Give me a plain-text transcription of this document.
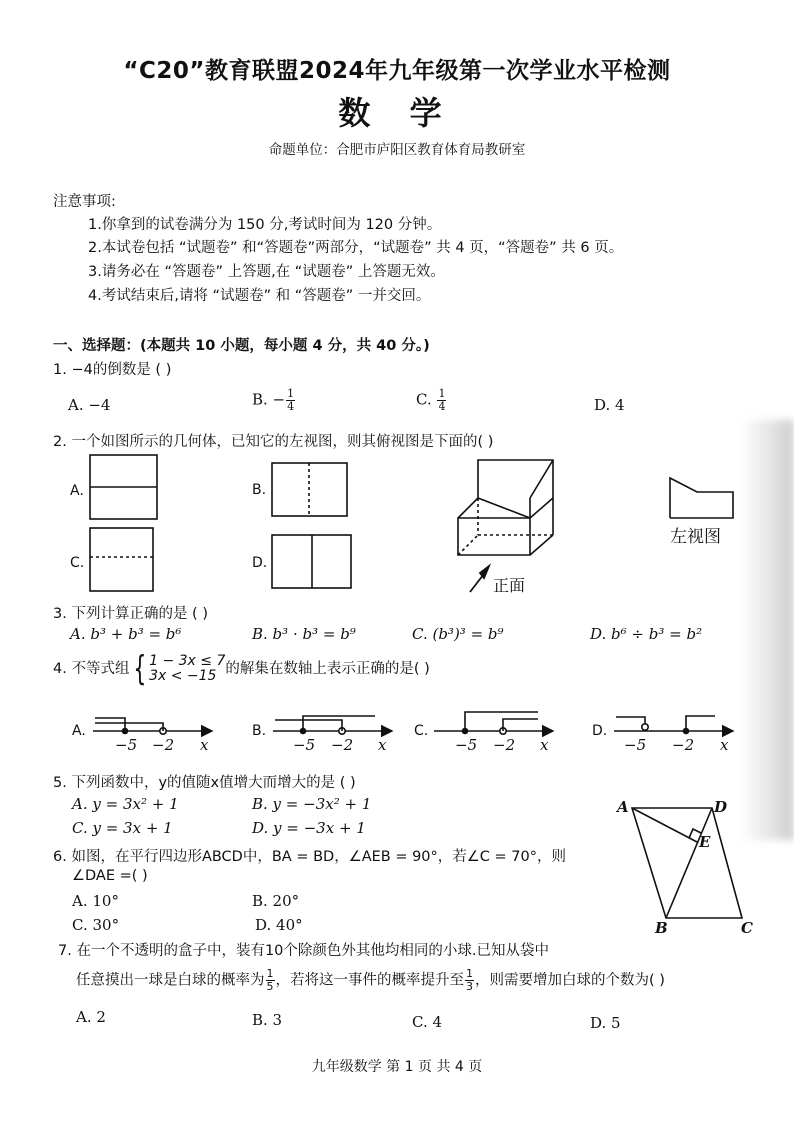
“C20”教育联盟2024年九年级第一次学业水平检测
数 学
命题单位：合肥市庐阳区教育体育局教研室
注意事项:
1.你拿到的试卷满分为 150 分,考试时间为 120 分钟。
2.本试卷包括 “试题卷” 和“答题卷”两部分，“试题卷” 共 4 页，“答题卷” 共 6 页。
3.请务必在 “答题卷” 上答题,在 “试题卷” 上答题无效。
4.考试结束后,请将 “试题卷” 和 “答题卷” 一并交回。
一、选择题：(本题共 10 小题，每小题 4 分，共 40 分。)
1. −4的倒数是 ( )
A. −4	B. − $\frac{1}{4}$	C. $\frac{1}{4}$	D. 4
2. 一个如图所示的几何体，已知它的左视图，则其俯视图是下面的( )
A.	B.
C.	D.
正面
左视图
3. 下列计算正确的是 ( )
A. b³ + b³ = b⁶	B. b³ · b³ = b⁹	C. (b³)³ = b⁹	D. b⁶ ÷ b³ = b²
4. 不等式组 { 1 − 3x ≤ 7
3x < −15 的解集在数轴上表示正确的是( )
A.	B.	C.	D.
−5 −2 x	−5 −2 x	−5 −2 x	−5 −2 x
5. 下列函数中，y的值随x值增大而增大的是 ( )
A. y = 3x² + 1	B. y = −3x² + 1
C. y = 3x + 1	D. y = −3x + 1
6. 如图，在平行四边形ABCD中，BA = BD，∠AEB = 90°，若∠C = 70°，则
∠DAE =( )
A. 10°	B. 20°
C. 30°	D. 40°
A	D
E
B	C
7. 在一个不透明的盒子中，装有10个除颜色外其他均相同的小球.已知从袋中
任意摸出一球是白球的概率为 $\frac{1}{5}$ ，若将这一事件的概率提升至 $\frac{1}{3}$ ，则需要增加白球的个数为( )
A. 2	B. 3	C. 4	D. 5
九年级数学 第 1 页 共 4 页
